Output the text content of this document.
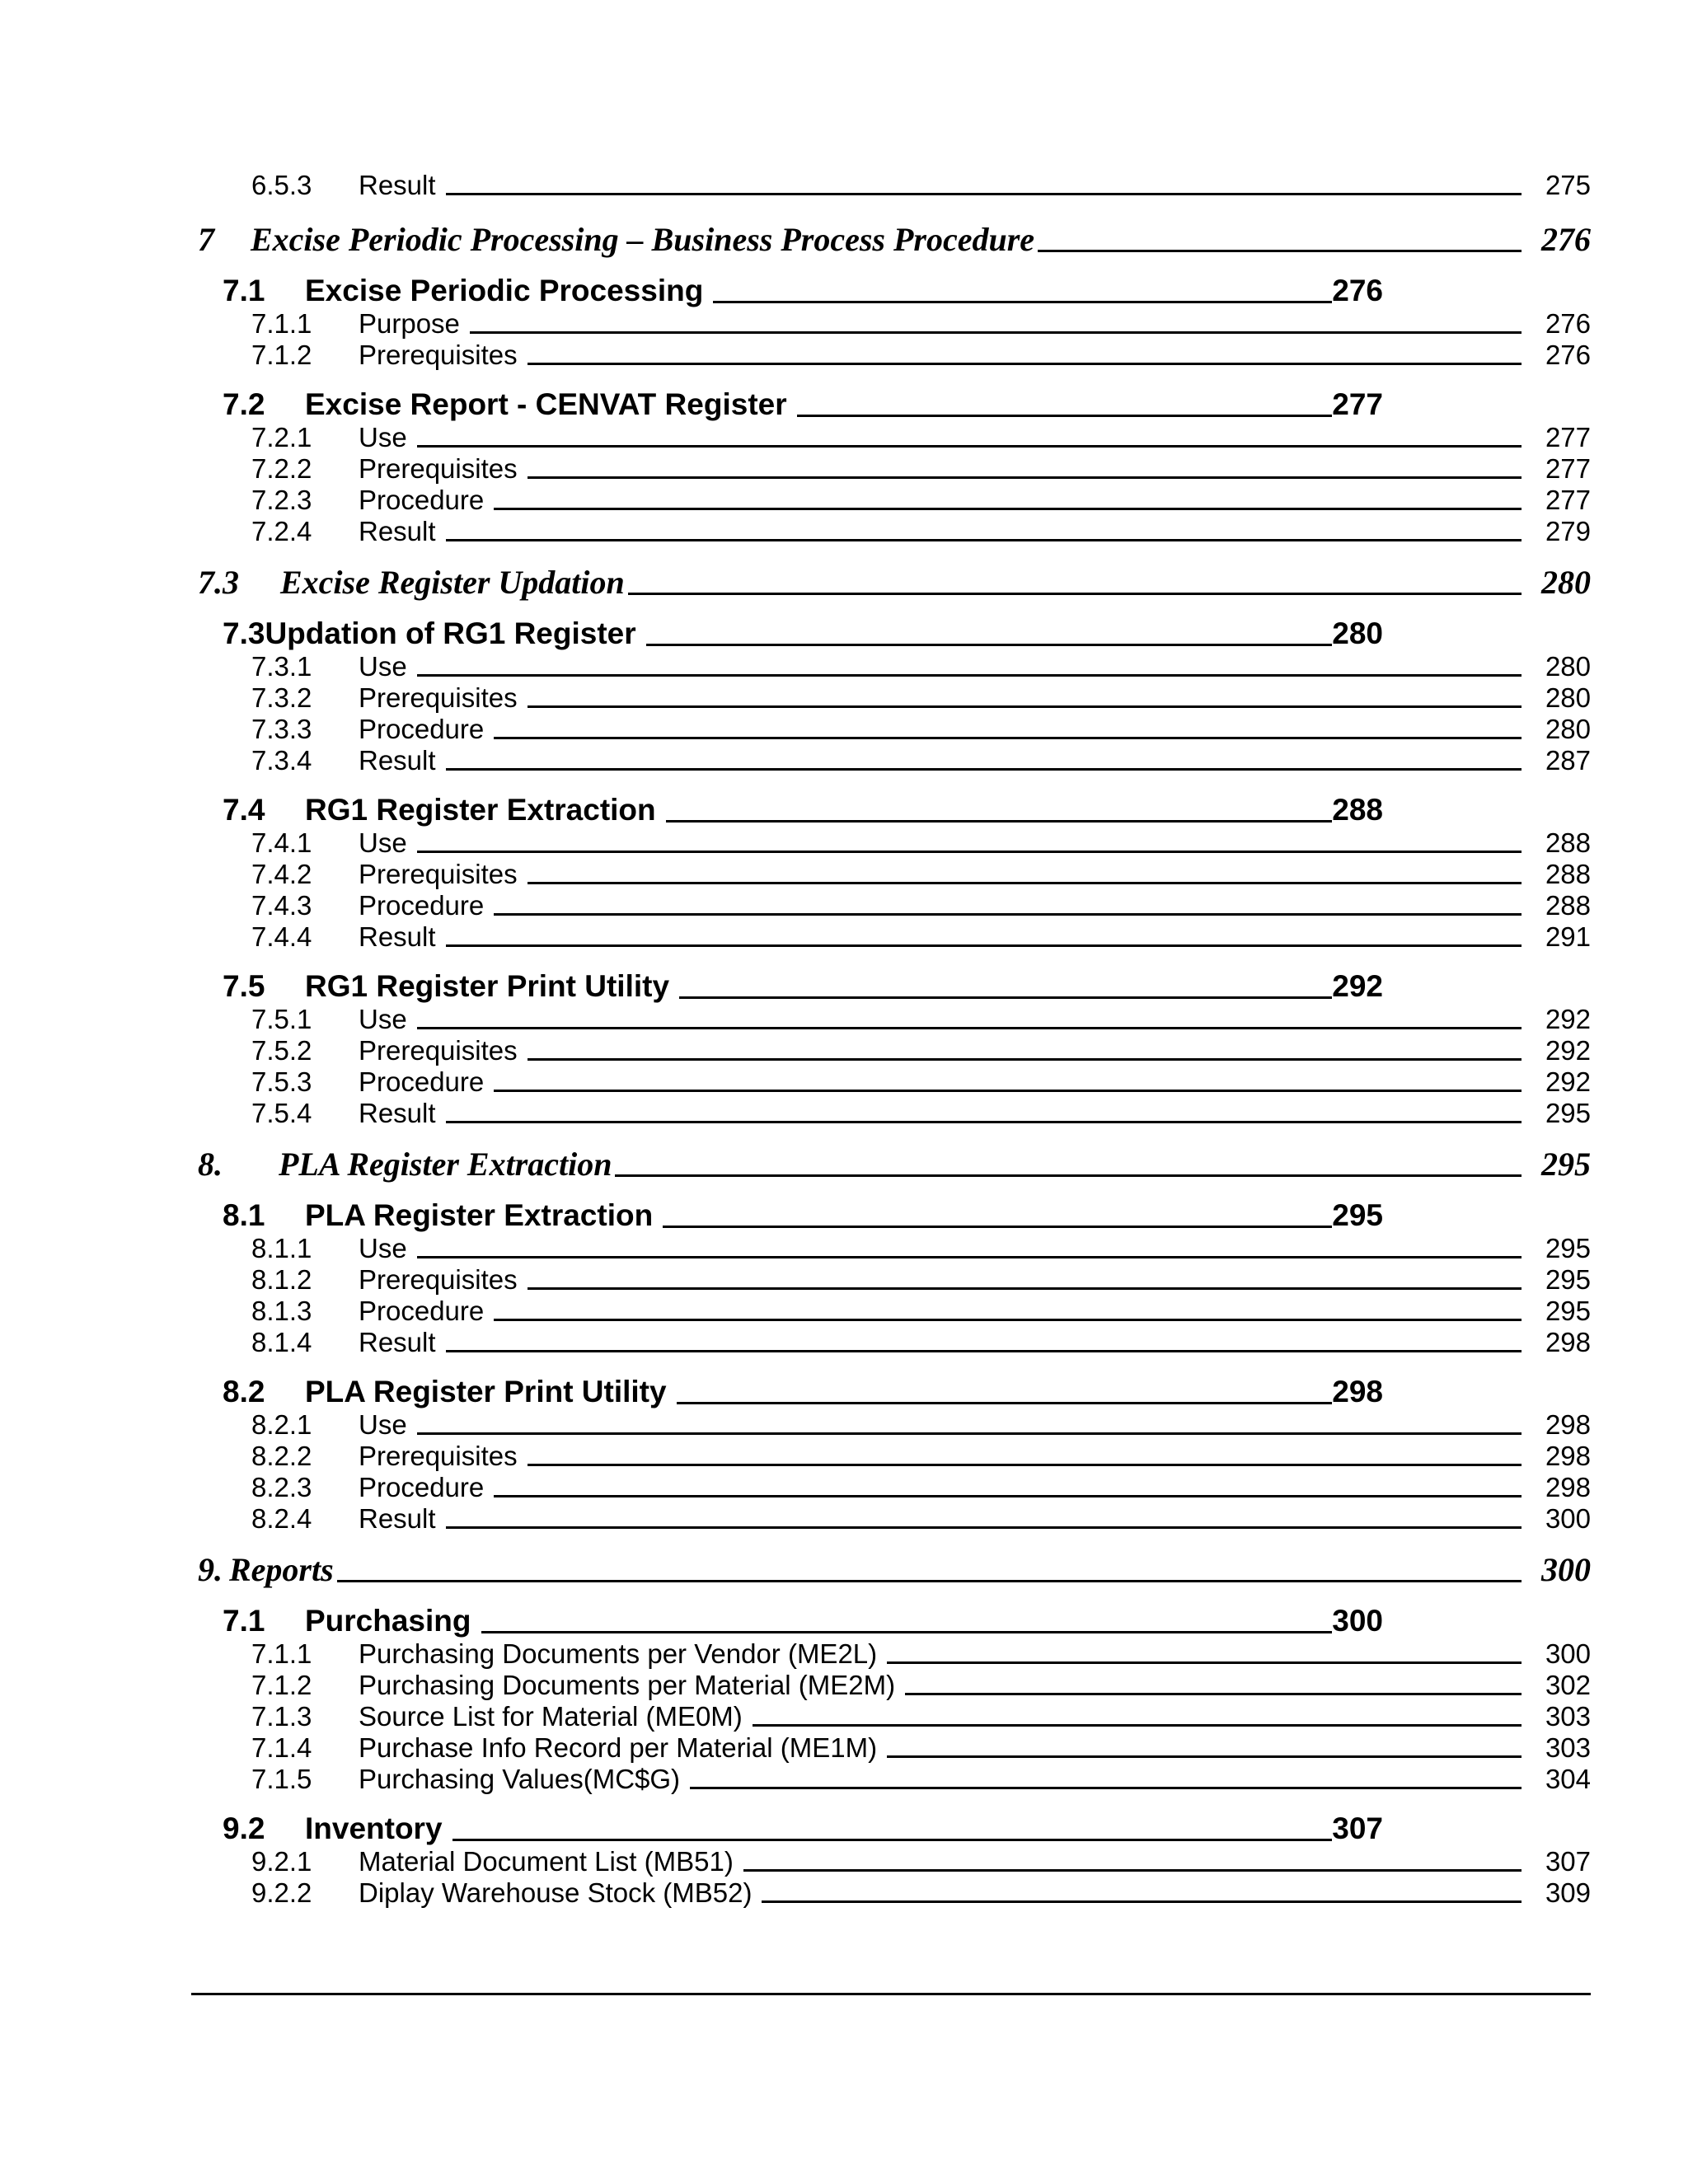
6.5.3	Result	275
7	Excise Periodic Processing – Business Process Procedure	276
7.1	Excise Periodic Processing	276
7.1.1	Purpose	276
7.1.2	Prerequisites	276
7.2	Excise Report - CENVAT Register	277
7.2.1	Use	277
7.2.2	Prerequisites	277
7.2.3	Procedure	277
7.2.4	Result	279
7.3	Excise Register Updation	280
7.3 Updation of RG1 Register	280
7.3.1	Use	280
7.3.2	Prerequisites	280
7.3.3	Procedure	280
7.3.4	Result	287
7.4	RG1 Register Extraction	288
7.4.1	Use	288
7.4.2	Prerequisites	288
7.4.3	Procedure	288
7.4.4	Result	291
7.5	RG1 Register Print Utility	292
7.5.1	Use	292
7.5.2	Prerequisites	292
7.5.3	Procedure	292
7.5.4	Result	295
8.	PLA Register Extraction	295
8.1	PLA Register Extraction	295
8.1.1	Use	295
8.1.2	Prerequisites	295
8.1.3	Procedure	295
8.1.4	Result	298
8.2	PLA Register Print Utility	298
8.2.1	Use	298
8.2.2	Prerequisites	298
8.2.3	Procedure	298
8.2.4	Result	300
9. Reports	300
7.1	Purchasing	300
7.1.1	Purchasing Documents per Vendor (ME2L)	300
7.1.2	Purchasing Documents per Material (ME2M)	302
7.1.3	Source List for Material (ME0M)	303
7.1.4	Purchase Info Record per Material (ME1M)	303
7.1.5	Purchasing Values(MC$G)	304
9.2	Inventory	307
9.2.1	Material Document List (MB51)	307
9.2.2	Diplay Warehouse Stock (MB52)	309
